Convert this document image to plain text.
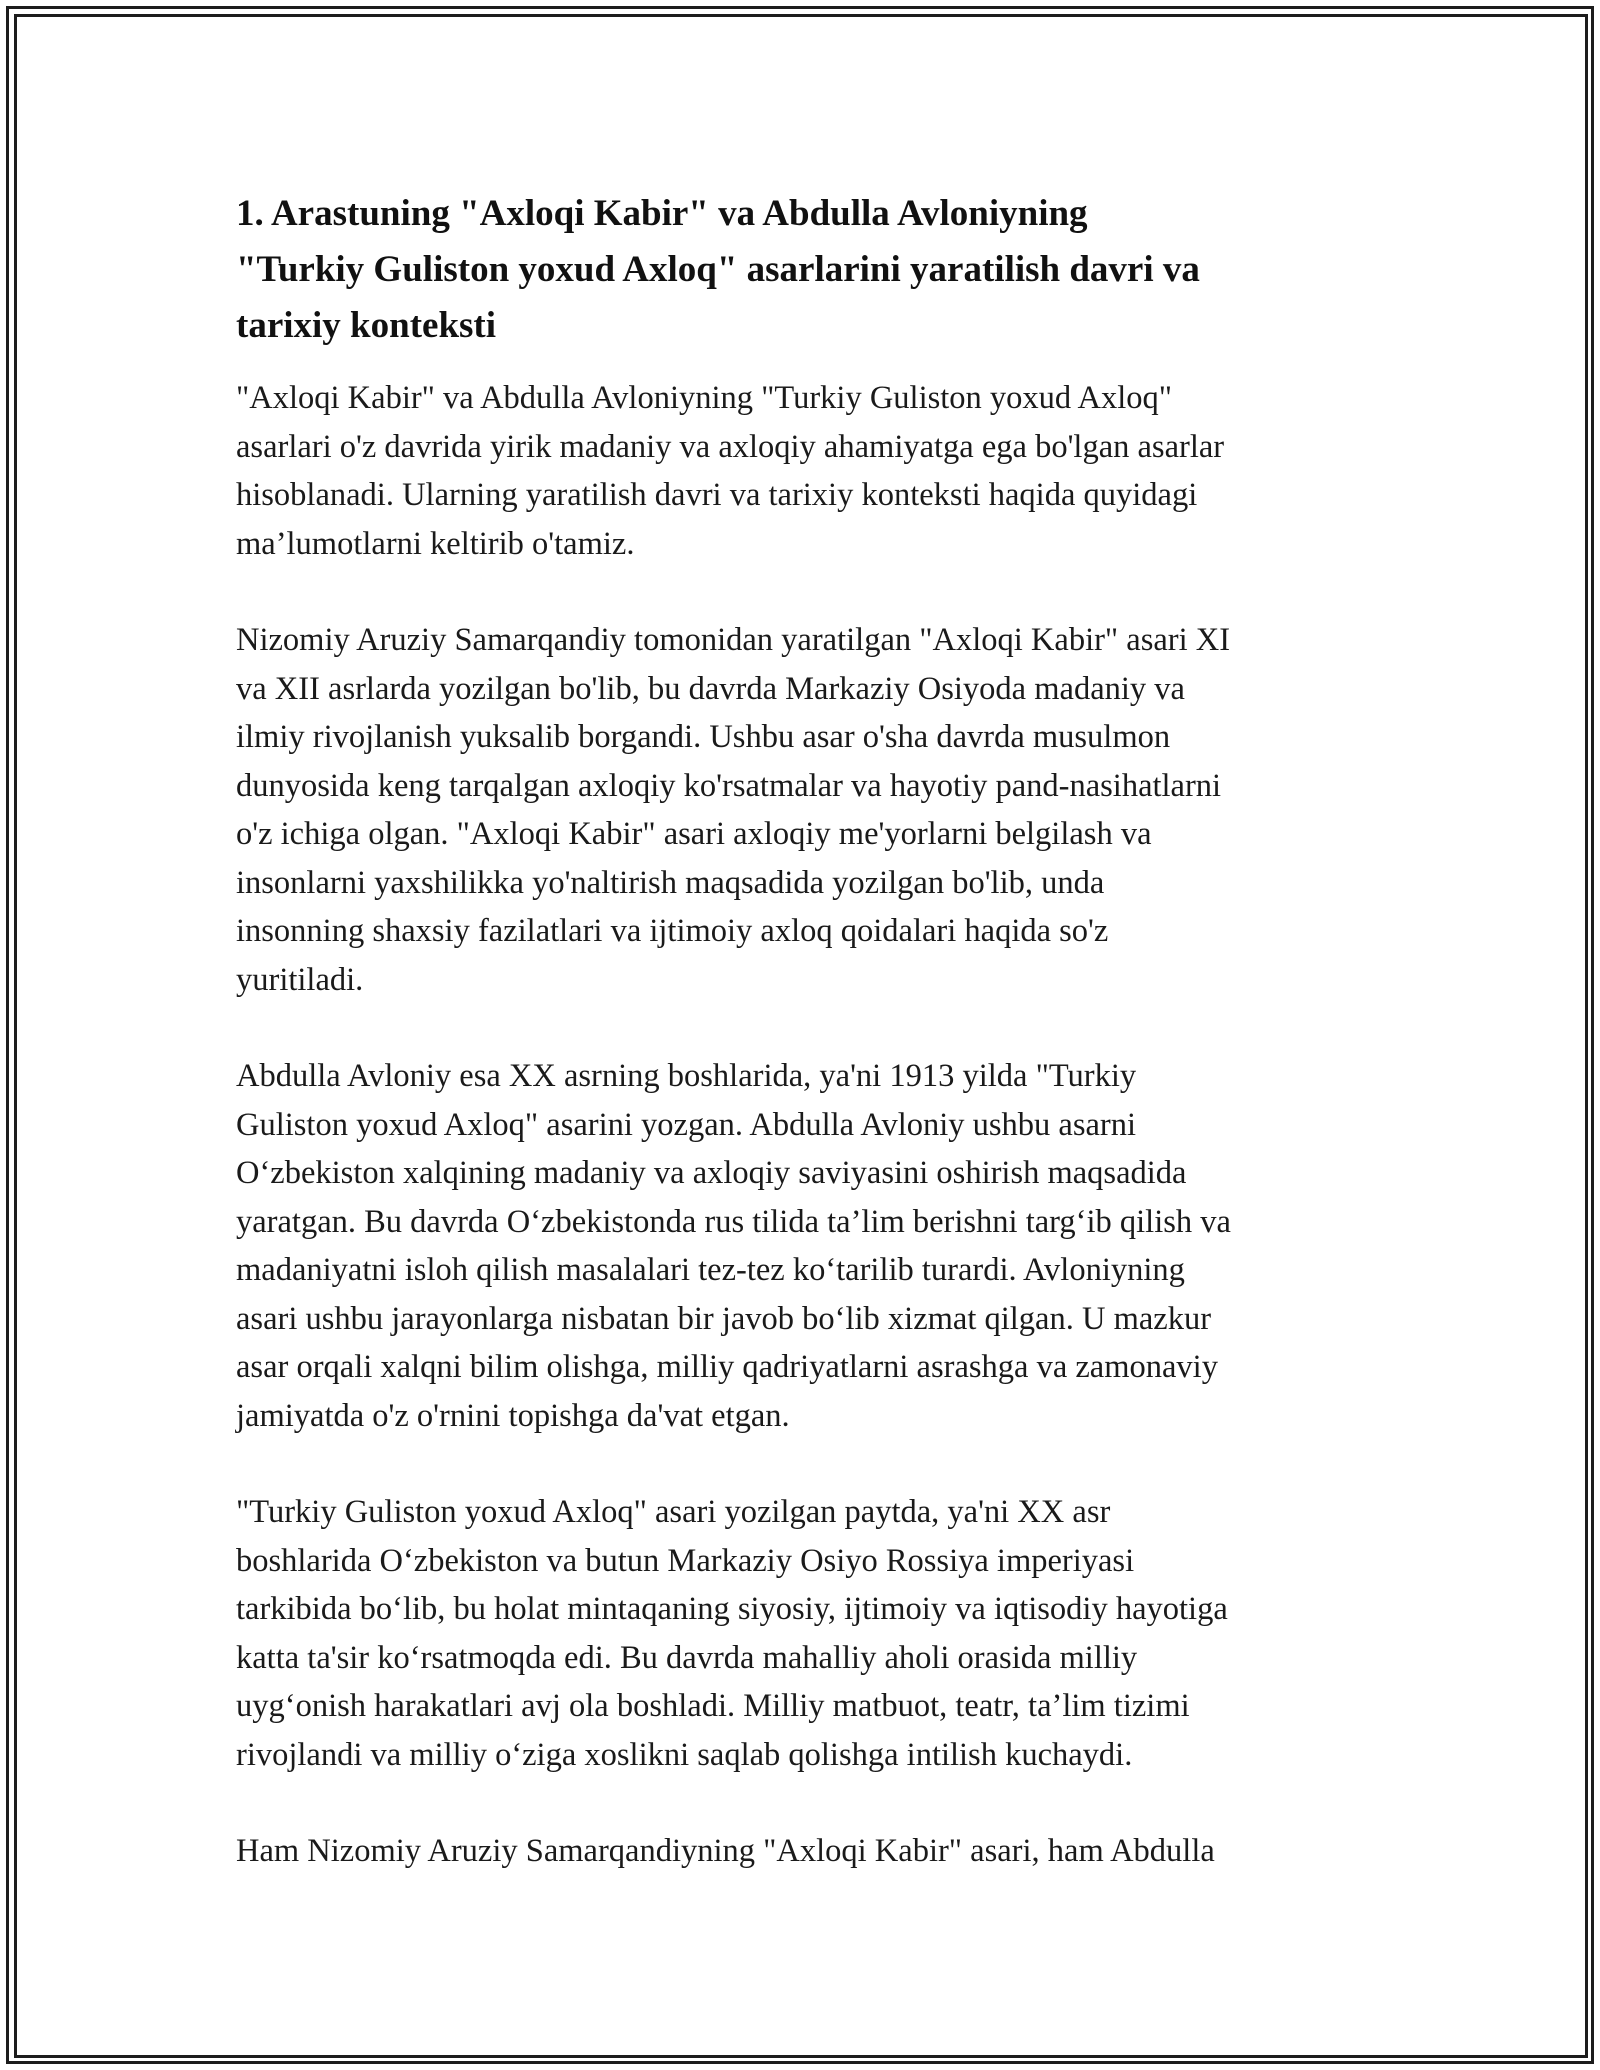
1. Arastuning "Axloqi Kabir" va Abdulla Avloniyning
"Turkiy Guliston yoxud Axloq" asarlarini yaratilish davri va
tarixiy konteksti
"Axloqi Kabir" va Abdulla Avloniyning "Turkiy Guliston yoxud Axloq"
asarlari o'z davrida yirik madaniy va axloqiy ahamiyatga ega bo'lgan asarlar
hisoblanadi. Ularning yaratilish davri va tarixiy konteksti haqida quyidagi
ma’lumotlarni keltirib o'tamiz.
Nizomiy Aruziy Samarqandiy tomonidan yaratilgan "Axloqi Kabir" asari XI
va XII asrlarda yozilgan bo'lib, bu davrda Markaziy Osiyoda madaniy va
ilmiy rivojlanish yuksalib borgandi. Ushbu asar o'sha davrda musulmon
dunyosida keng tarqalgan axloqiy ko'rsatmalar va hayotiy pand-nasihatlarni
o'z ichiga olgan. "Axloqi Kabir" asari axloqiy me'yorlarni belgilash va
insonlarni yaxshilikka yo'naltirish maqsadida yozilgan bo'lib, unda
insonning shaxsiy fazilatlari va ijtimoiy axloq qoidalari haqida so'z
yuritiladi.
Abdulla Avloniy esa XX asrning boshlarida, ya'ni 1913 yilda "Turkiy
Guliston yoxud Axloq" asarini yozgan. Abdulla Avloniy ushbu asarni
O‘zbekiston xalqining madaniy va axloqiy saviyasini oshirish maqsadida
yaratgan. Bu davrda O‘zbekistonda rus tilida ta’lim berishni targ‘ib qilish va
madaniyatni isloh qilish masalalari tez-tez ko‘tarilib turardi. Avloniyning
asari ushbu jarayonlarga nisbatan bir javob bo‘lib xizmat qilgan. U mazkur
asar orqali xalqni bilim olishga, milliy qadriyatlarni asrashga va zamonaviy
jamiyatda o'z o'rnini topishga da'vat etgan.
"Turkiy Guliston yoxud Axloq" asari yozilgan paytda, ya'ni XX asr
boshlarida O‘zbekiston va butun Markaziy Osiyo Rossiya imperiyasi
tarkibida bo‘lib, bu holat mintaqaning siyosiy, ijtimoiy va iqtisodiy hayotiga
katta ta'sir ko‘rsatmoqda edi. Bu davrda mahalliy aholi orasida milliy
uyg‘onish harakatlari avj ola boshladi. Milliy matbuot, teatr, ta’lim tizimi
rivojlandi va milliy o‘ziga xoslikni saqlab qolishga intilish kuchaydi.
Ham Nizomiy Aruziy Samarqandiyning "Axloqi Kabir" asari, ham Abdulla
